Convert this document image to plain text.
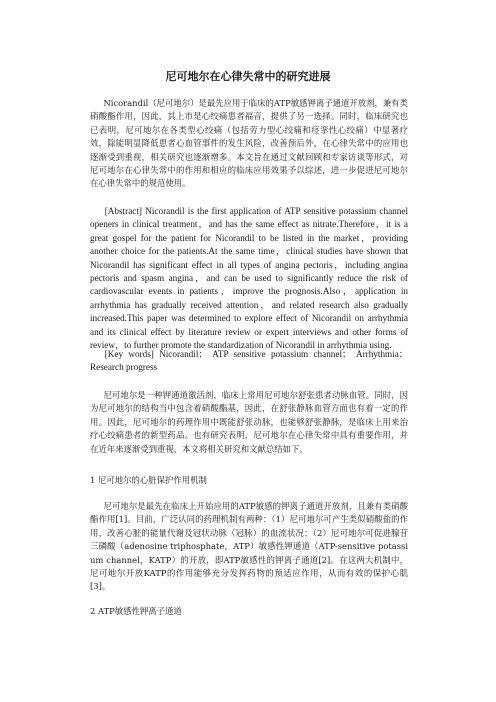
尼可地尔在心律失常中的研究进展

Nicorandil（尼可地尔）是最先应用于临床的ATP敏感钾离子通道开放剂，兼有类硝酸酯作用，因此，其上市是心绞痛患者福音，提供了另一选择。同时，临床研究也已表明，尼可地尔在各类型心绞痛（包括劳力型心绞痛和痉挛性心绞痛）中显著疗效，除能明显降低患者心血管事件的发生风险，改善预后外，在心律失常中的应用也逐渐受到重视，相关研究也逐渐增多。本文旨在通过文献回顾和专家访谈等形式，对尼可地尔在心律失常中的作用和相应的临床应用效果予以综述，进一步促进尼可地尔在心律失常中的规范使用。

[Abstract] Nicorandil is the first application of ATP sensitive potassium channel openers in clinical treatment，and has the same effect as nitrate.Therefore，it is a great gospel for the patient for Nicorandil to be listed in the market，providing another choice for the patients.At the same time，clinical studies have shown that Nicorandil has significant effect in all types of angina pectoris，including angina pectoris and spasm angina，and can be used to significantly reduce the risk of cardiovascular events in patients，improve the prognosis.Also，application in arrhythmia has gradually received attention，and related research also gradually increased.This paper was determined to explore effect of Nicorandil on arrhythmia and its clinical effect by literature review or expert interviews and other forms of review，to further promote the standardization of Nicorandil in arrhythmia using.

[Key words] Nicorandil； ATP sensitive potassium channel； Arrhythmia； Research progress

尼可地尔是一种钾通道激活剂，临床上常用尼可地尔舒张患者动脉血管。同时，因为尼可地尔的结构当中包含着硝酸酯基，因此，在舒张静脉血管方面也有着一定的作用。因此，尼可地尔的药理作用中既能舒张动脉，也能够舒张静脉，是临床上用来治疗心绞痛患者的新型药品。也有研究表明，尼可地尔在心律失常中具有重要作用，并在近年来逐渐受到重视，本文将相关研究和文献总结如下。

1 尼可地尔的心脏保护作用机制

尼可地尔是最先在临床上开始应用的ATP敏感的钾离子通道开放剂，且兼有类硝酸酯作用[1]。目前，广泛认同的药理机制有两种：（1）尼可地尔可产生类似硝酸盐的作用，改善心脏的能量代谢及冠状动脉（冠脉）的血流状况；（2）尼可地尔可促进腺苷三磷酸（adenosine triphosphate，ATP）敏感性钾通道（ATP-sensitive potassium channel，KATP）的开放，即ATP敏感性的钾离子通道[2]。在这两大机制中，尼可地尔开放KATP的作用能够充分发挥药物的预适应作用，从而有效的保护心肌[3]。

2 ATP敏感性钾离子通道
